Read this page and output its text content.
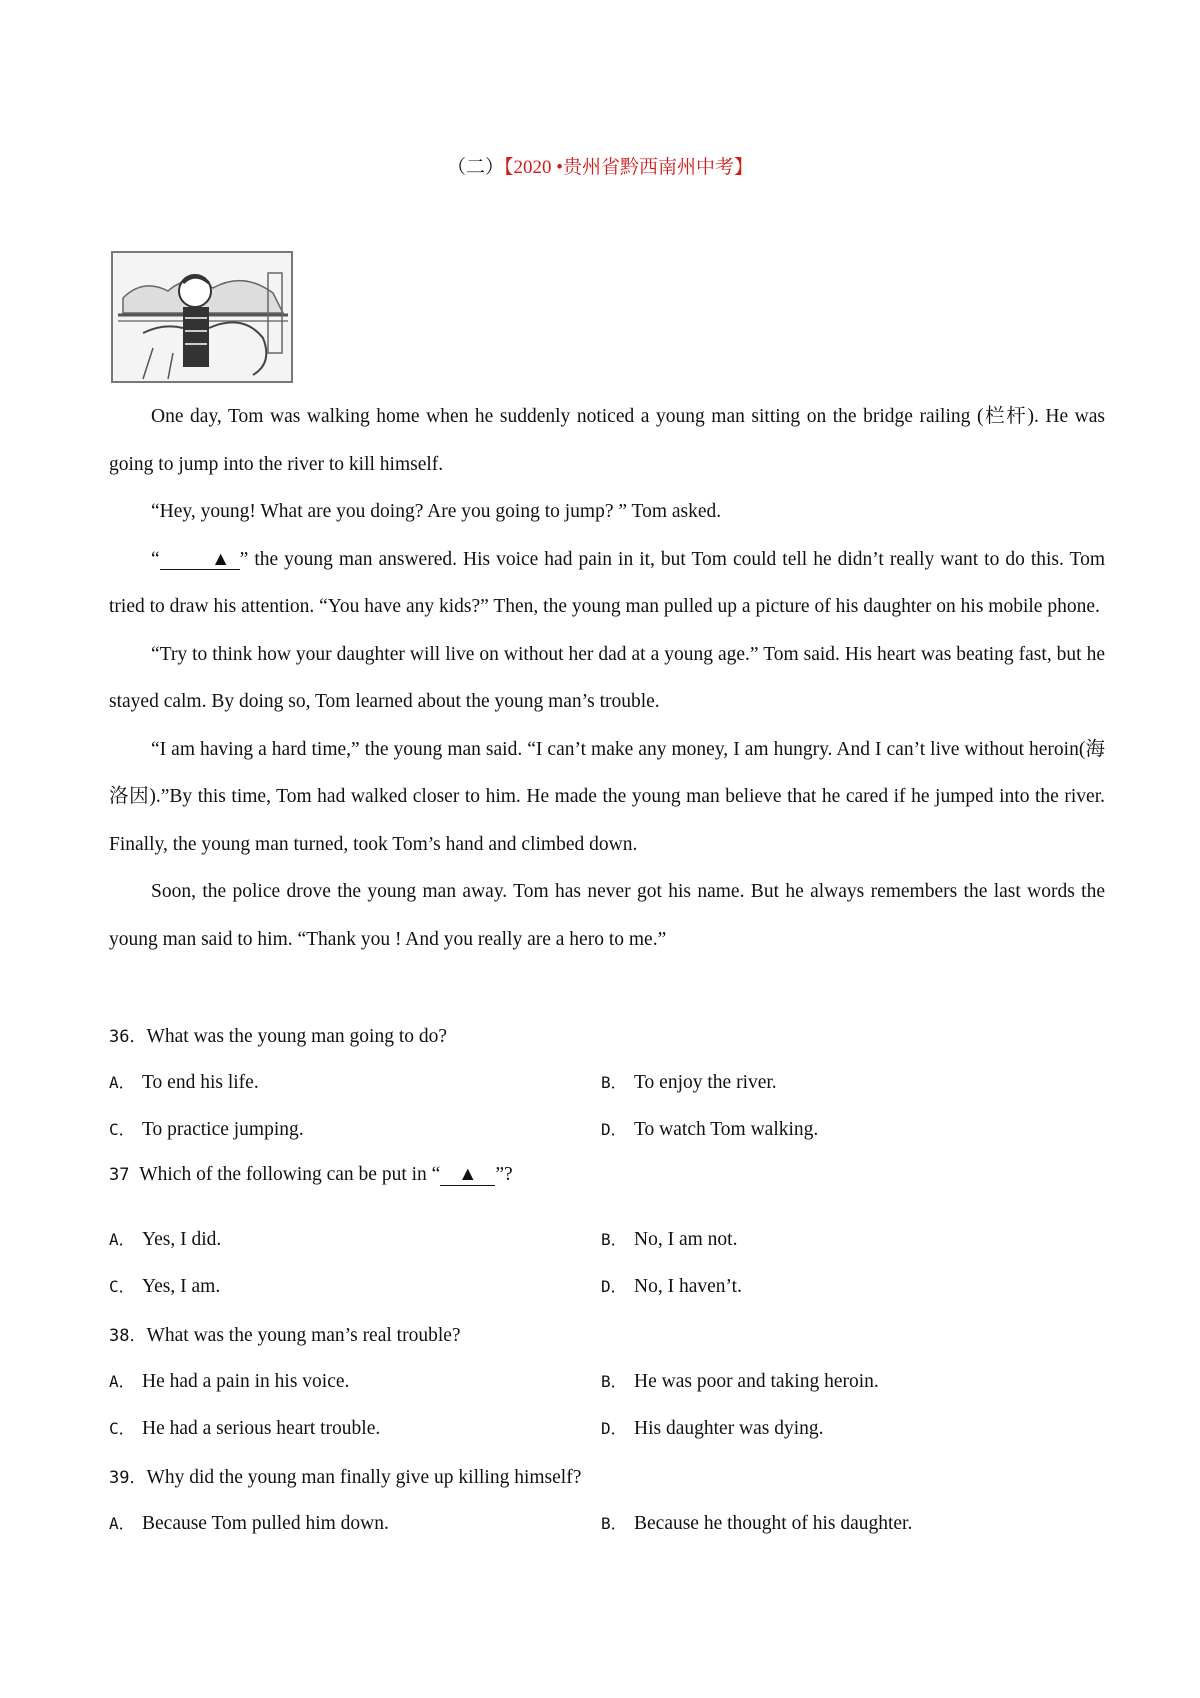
（二）【2020 •贵州省黔西南州中考】

One day, Tom was walking home when he suddenly noticed a young man sitting on the bridge railing (栏杆). He was going to jump into the river to kill himself.

“Hey, young! What are you doing? Are you going to jump? ” Tom asked.

“	▲ ” the young man answered. His voice had pain in it, but Tom could tell he didn’t really want to do this. Tom tried to draw his attention. “You have any kids?” Then, the young man pulled up a picture of his daughter on his mobile phone.

“Try to think how your daughter will live on without her dad at a young age.” Tom said. His heart was beating fast, but he stayed calm. By doing so, Tom learned about the young man’s trouble.

“I am having a hard time,” the young man said. “I can’t make any money, I am hungry. And I can’t live without heroin(海洛因).”By this time, Tom had walked closer to him. He made the young man believe that he cared if he jumped into the river. Finally, the young man turned, took Tom’s hand and climbed down.

Soon, the police drove the young man away. Tom has never got his name. But he always remembers the last words the young man said to him. “Thank you ! And you really are a hero to me.”

36．What was the young man going to do?
A． To end his life.	B． To enjoy the river.
C． To practice jumping.	D． To watch Tom walking.
37 Which of the following can be put in “ ▲ ”?
A． Yes, I did.	B． No, I am not.
C． Yes, I am.	D． No, I haven’t.
38．What was the young man’s real trouble?
A． He had a pain in his voice.	B． He was poor and taking heroin.
C． He had a serious heart trouble.	D． His daughter was dying.
39．Why did the young man finally give up killing himself?
A． Because Tom pulled him down.	B． Because he thought of his daughter.
